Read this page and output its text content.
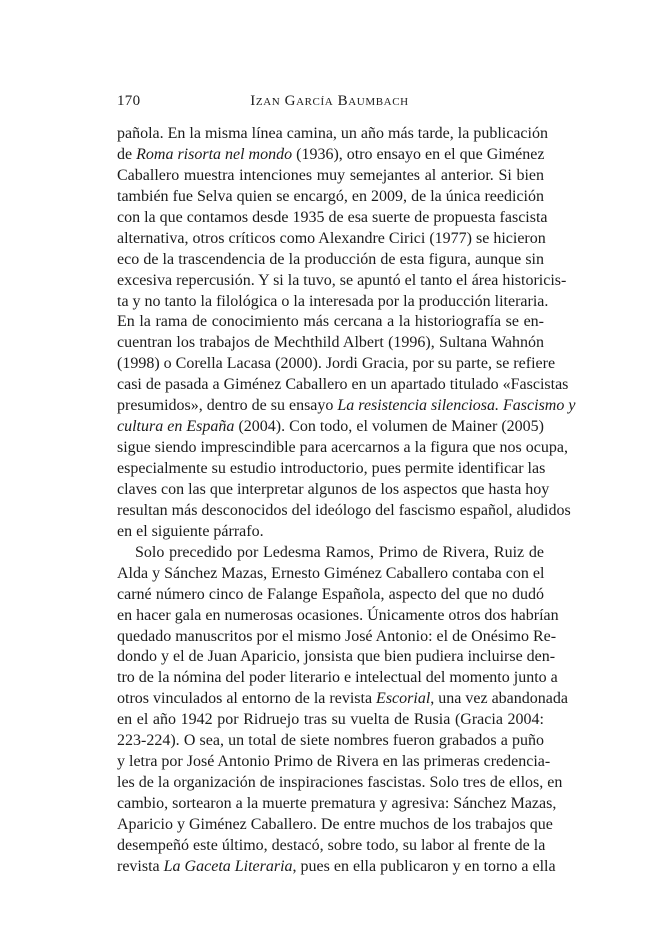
170	Izan García Baumbach
pañola. En la misma línea camina, un año más tarde, la publicación
de Roma risorta nel mondo (1936), otro ensayo en el que Giménez
Caballero muestra intenciones muy semejantes al anterior. Si bien
también fue Selva quien se encargó, en 2009, de la única reedición
con la que contamos desde 1935 de esa suerte de propuesta fascista
alternativa, otros críticos como Alexandre Cirici (1977) se hicieron
eco de la trascendencia de la producción de esta figura, aunque sin
excesiva repercusión. Y si la tuvo, se apuntó el tanto el área historicis-
ta y no tanto la filológica o la interesada por la producción literaria.
En la rama de conocimiento más cercana a la historiografía se en-
cuentran los trabajos de Mechthild Albert (1996), Sultana Wahnón
(1998) o Corella Lacasa (2000). Jordi Gracia, por su parte, se refiere
casi de pasada a Giménez Caballero en un apartado titulado «Fascistas
presumidos», dentro de su ensayo La resistencia silenciosa. Fascismo y
cultura en España (2004). Con todo, el volumen de Mainer (2005)
sigue siendo imprescindible para acercarnos a la figura que nos ocupa,
especialmente su estudio introductorio, pues permite identificar las
claves con las que interpretar algunos de los aspectos que hasta hoy
resultan más desconocidos del ideólogo del fascismo español, aludidos
en el siguiente párrafo.
Solo precedido por Ledesma Ramos, Primo de Rivera, Ruiz de
Alda y Sánchez Mazas, Ernesto Giménez Caballero contaba con el
carné número cinco de Falange Española, aspecto del que no dudó
en hacer gala en numerosas ocasiones. Únicamente otros dos habrían
quedado manuscritos por el mismo José Antonio: el de Onésimo Re-
dondo y el de Juan Aparicio, jonsista que bien pudiera incluirse den-
tro de la nómina del poder literario e intelectual del momento junto a
otros vinculados al entorno de la revista Escorial, una vez abandonada
en el año 1942 por Ridruejo tras su vuelta de Rusia (Gracia 2004:
223-224). O sea, un total de siete nombres fueron grabados a puño
y letra por José Antonio Primo de Rivera en las primeras credencia-
les de la organización de inspiraciones fascistas. Solo tres de ellos, en
cambio, sortearon a la muerte prematura y agresiva: Sánchez Mazas,
Aparicio y Giménez Caballero. De entre muchos de los trabajos que
desempeñó este último, destacó, sobre todo, su labor al frente de la
revista La Gaceta Literaria, pues en ella publicaron y en torno a ella
